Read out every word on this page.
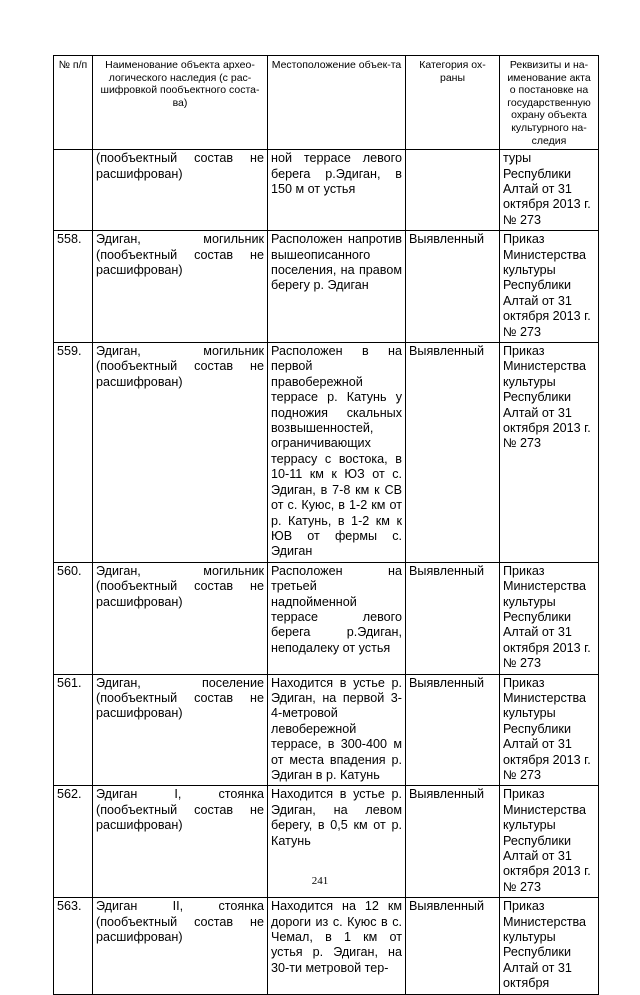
№ п/п	Наименование объекта архео-логического наследия (с рас-шифровкой пообъектного соста-ва)	Местоположение объек-та	Категория ох-раны	Реквизиты и на-именование акта о постановке на государственную охрану объекта культурного на-следия
	(пообъектный состав не расшифрован)	ной террасе левого берега р.Эдиган, в 150 м от устья		туры Республики Алтай от 31 октября 2013 г. № 273
558.	Эдиган, могильник (пообъектный состав не расшифрован)	Расположен напротив вышеописанного поселения, на правом берегу р. Эдиган	Выявленный	Приказ Министерства культуры Республики Алтай от 31 октября 2013 г. № 273
559.	Эдиган, могильник (пообъектный состав не расшифрован)	Расположен в на первой правобережной террасе р. Катунь у подножия скальных возвышенностей, ограничивающих террасу с востока, в 10-11 км к ЮЗ от с. Эдиган, в 7-8 км к СВ от с. Куюс, в 1-2 км от р. Катунь, в 1-2 км к ЮВ от фермы с. Эдиган	Выявленный	Приказ Министерства культуры Республики Алтай от 31 октября 2013 г. № 273
560.	Эдиган, могильник (пообъектный состав не расшифрован)	Расположен на третьей надпойменной террасе левого берега р.Эдиган, неподалеку от устья	Выявленный	Приказ Министерства культуры Республики Алтай от 31 октября 2013 г. № 273
561.	Эдиган, поселение (пообъектный состав не расшифрован)	Находится в устье р. Эдиган, на первой 3-4-метровой левобережной террасе, в 300-400 м от места впадения р. Эдиган в р. Катунь	Выявленный	Приказ Министерства культуры Республики Алтай от 31 октября 2013 г. № 273
562.	Эдиган I, стоянка (пообъектный состав не расшифрован)	Находится в устье р. Эдиган, на левом берегу, в 0,5 км от р. Катунь	Выявленный	Приказ Министерства культуры Республики Алтай от 31 октября 2013 г. № 273
563.	Эдиган II, стоянка (пообъектный состав не расшифрован)	Находится на 12 км дороги из с. Куюс в с. Чемал, в 1 км от устья р. Эдиган, на 30-ти метровой тер-	Выявленный	Приказ Министерства культуры Республики Алтай от 31 октября
241
